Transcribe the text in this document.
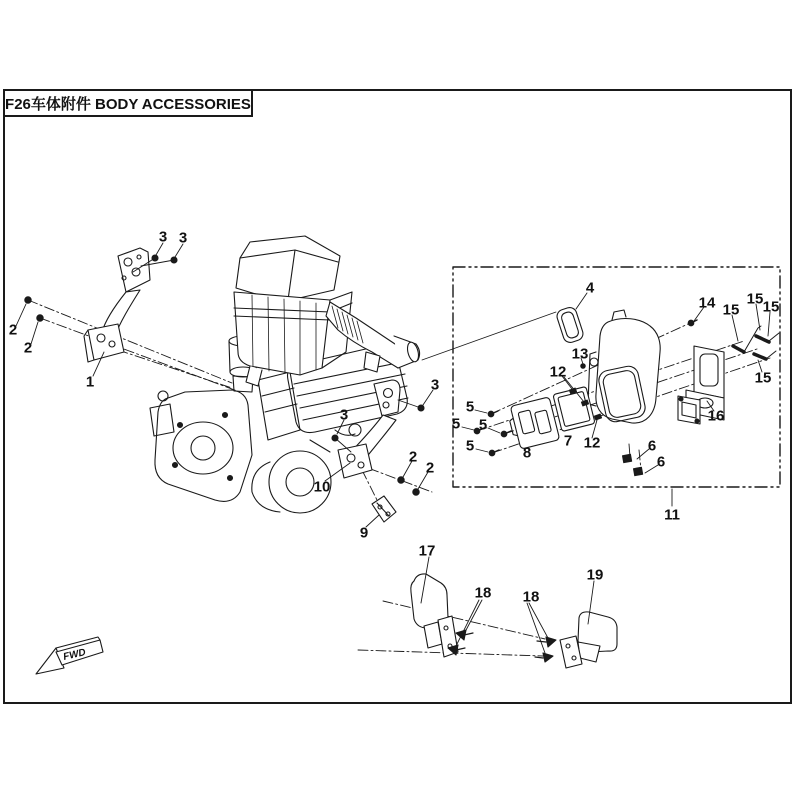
F26车体附件 BODY ACCESSORIES
FWD
1
2
2
2
2
3 3
3
3
4
5
5 5
5	6
6
7
8
9
10
11
12
12
13
14 15
15 15
15
16
17
18 18
19
